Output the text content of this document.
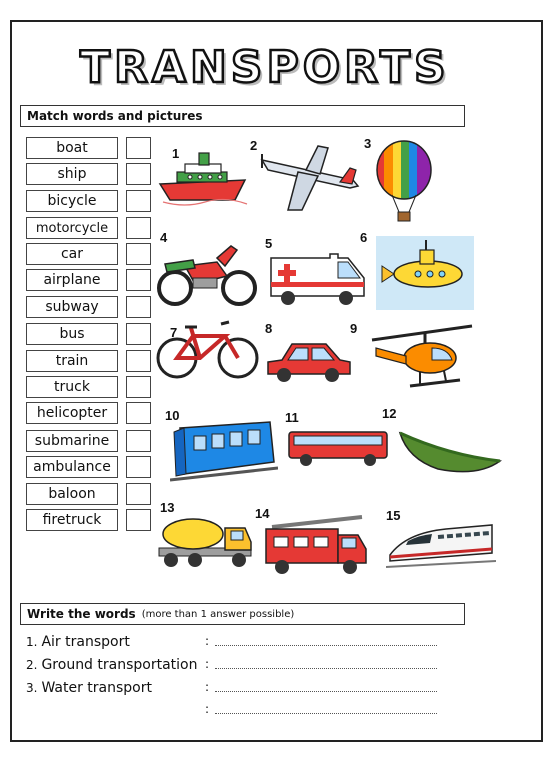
TRANSPORTS
Match words and pictures
boat
ship
bicycle
motorcycle
car
airplane
subway
bus
train
truck
helicopter
submarine
ambulance
baloon
firetruck
1
2	3
4	5	6
7	8	9
10	11	12
13	14	15
Write the words (more than 1 answer possible)
1. Air transport	:
2. Ground transportation :
3. Water transport	:
:
